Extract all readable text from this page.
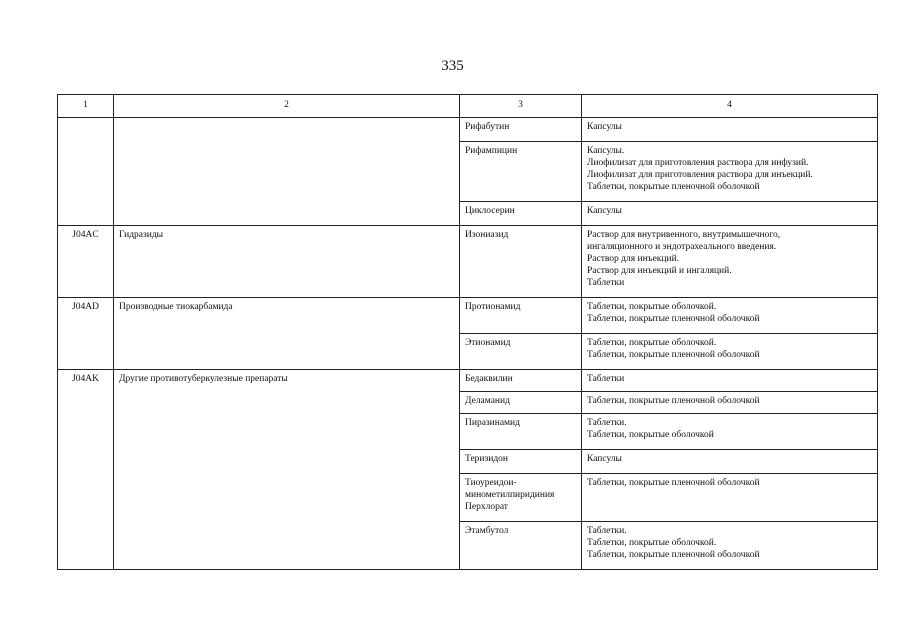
335
1	2	3	4

		Рифабутин	Капсулы

		Рифампицин	Капсулы.
Лиофилизат для приготовления раствора для инфузий.
Лиофилизат для приготовления раствора для инъекций.
Таблетки, покрытые пленочной оболочкой

		Циклосерин	Капсулы

J04AC	Гидразиды	Изониазид	Раствор для внутривенного, внутримышечного,
ингаляционного и эндотрахеального введения.
Раствор для инъекций.
Раствор для инъекций и ингаляций.
Таблетки

J04AD	Производные тиокарбамида	Протионамид	Таблетки, покрытые оболочкой.
Таблетки, покрытые пленочной оболочкой

		Этионамид	Таблетки, покрытые оболочкой.
Таблетки, покрытые пленочной оболочкой

J04AK	Другие противотуберкулезные препараты	Бедаквилин	Таблетки

		Деламанид	Таблетки, покрытые пленочной оболочкой

		Пиразинамид	Таблетки.
Таблетки, покрытые оболочкой

		Теризидон	Капсулы

		Тиоуреидои-
минометилпиридиния
Перхлорат	Таблетки, покрытые пленочной оболочкой

		Этамбутол	Таблетки.
Таблетки, покрытые оболочкой.
Таблетки, покрытые пленочной оболочкой
